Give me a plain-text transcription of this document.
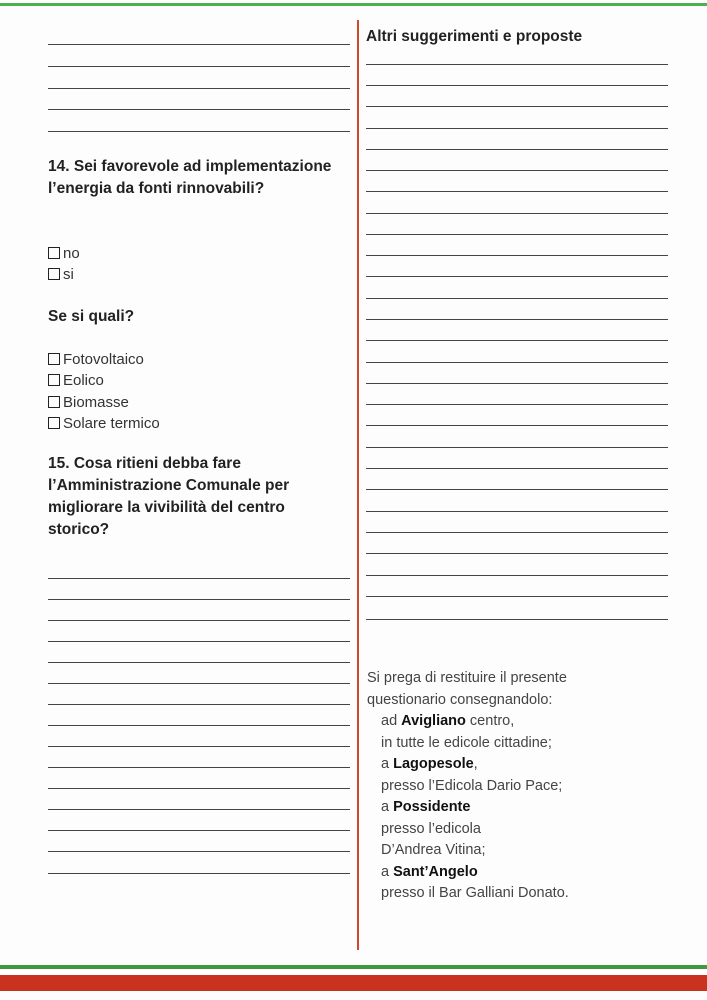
14. Sei favorevole ad implementazione l’energia da fonti rinnovabili?
no
si
Se si quali?
Fotovoltaico
Eolico
Biomasse
Solare termico
15. Cosa ritieni debba fare l’Amministrazione Comunale per migliorare la vivibilità del centro storico?
Altri suggerimenti e proposte
Si prega di restituire il presente
questionario consegnandolo:
ad Avigliano centro,
in tutte le edicole cittadine;
a Lagopesole,
presso l’Edicola Dario Pace;
a Possidente
presso l’edicola
D’Andrea Vitina;
a Sant’Angelo
presso il Bar Galliani Donato.
